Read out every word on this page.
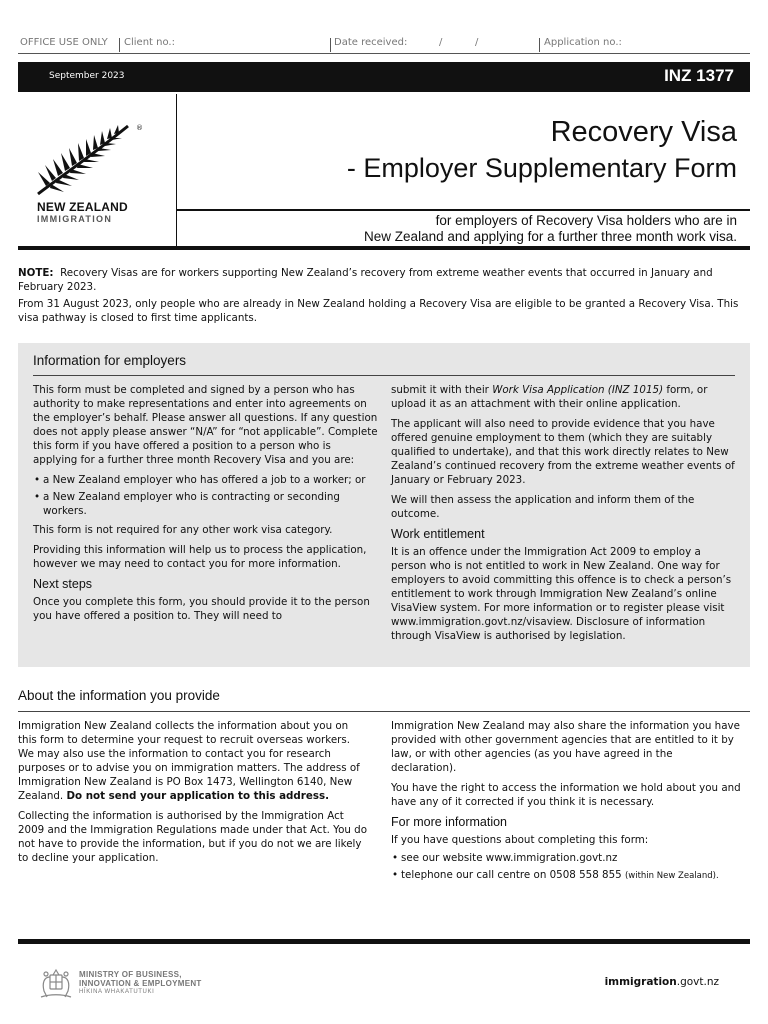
OFFICE USE ONLY Client no.:	Date received:	/	/	Application no.:
September 2023	INZ 1377
®
NEW ZEALAND
IMMIGRATION
Recovery Visa
- Employer Supplementary Form
for employers of Recovery Visa holders who are in
New Zealand and applying for a further three month work visa.

NOTE: Recovery Visas are for workers supporting New Zealand’s recovery from extreme weather events that occurred in January and February 2023.

From 31 August 2023, only people who are already in New Zealand holding a Recovery Visa are eligible to be granted a Recovery Visa. This visa pathway is closed to first time applicants.

Information for employers

This form must be completed and signed by a person who has authority to make representations and enter into agreements on the employer’s behalf. Please answer all questions. If any question does not apply please answer “N/A” for “not applicable”. Complete this form if you have offered a position to a person who is applying for a further three month Recovery Visa and you are:

• a New Zealand employer who has offered a job to a worker; or
• a New Zealand employer who is contracting or seconding workers.

This form is not required for any other work visa category.

Providing this information will help us to process the application, however we may need to contact you for more information.

Next steps

Once you complete this form, you should provide it to the person you have offered a position to. They will need to

submit it with their Work Visa Application (INZ 1015) form, or upload it as an attachment with their online application.

The applicant will also need to provide evidence that you have offered genuine employment to them (which they are suitably qualified to undertake), and that this work directly relates to New Zealand’s continued recovery from the extreme weather events of January or February 2023.

We will then assess the application and inform them of the outcome.

Work entitlement

It is an offence under the Immigration Act 2009 to employ a person who is not entitled to work in New Zealand. One way for employers to avoid committing this offence is to check a person’s entitlement to work through Immigration New Zealand’s online VisaView system. For more information or to register please visit www.immigration.govt.nz/visaview. Disclosure of information through VisaView is authorised by legislation.

About the information you provide

Immigration New Zealand collects the information about you on this form to determine your request to recruit overseas workers. We may also use the information to contact you for research purposes or to advise you on immigration matters. The address of Immigration New Zealand is PO Box 1473, Wellington 6140, New Zealand. Do not send your application to this address.

Collecting the information is authorised by the Immigration Act 2009 and the Immigration Regulations made under that Act. You do not have to provide the information, but if you do not we are likely to decline your application.

Immigration New Zealand may also share the information you have provided with other government agencies that are entitled to it by law, or with other agencies (as you have agreed in the declaration).

You have the right to access the information we hold about you and have any of it corrected if you think it is necessary.

For more information

If you have questions about completing this form:

• see our website www.immigration.govt.nz
• telephone our call centre on 0508 558 855 (within New Zealand).
MINISTRY OF BUSINESS,
INNOVATION & EMPLOYMENT
HĪKINA WHAKATUTUKI
immigration.govt.nz
